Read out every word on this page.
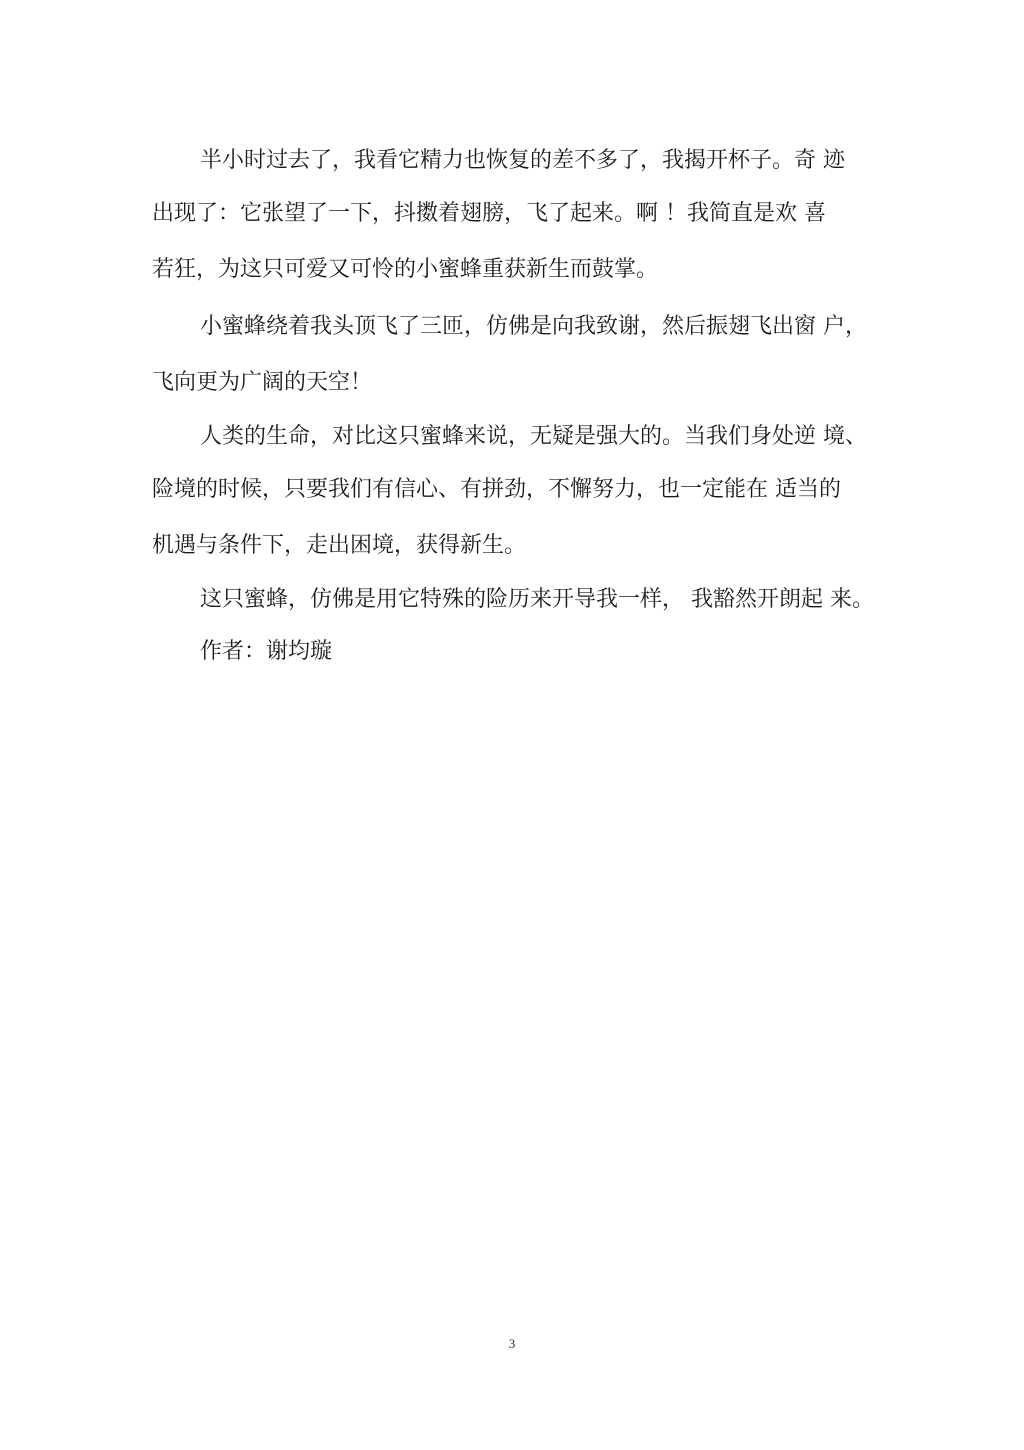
半小时过去了，我看它精力也恢复的差不多了，我揭开杯子。奇 迹
出现了：它张望了一下，抖擞着翅膀，飞了起来。啊 ！我简直是欢 喜
若狂，为这只可爱又可怜的小蜜蜂重获新生而鼓掌。
小蜜蜂绕着我头顶飞了三匝，仿佛是向我致谢，然后振翅飞出窗 户，
飞向更为广阔的天空！
人类的生命，对比这只蜜蜂来说，无疑是强大的。当我们身处逆 境、
险境的时候，只要我们有信心、有拼劲，不懈努力，也一定能在 适当的
机遇与条件下，走出困境，获得新生。
这只蜜蜂，仿佛是用它特殊的险历来开导我一样， 我豁然开朗起 来。
作者：谢均璇
3
